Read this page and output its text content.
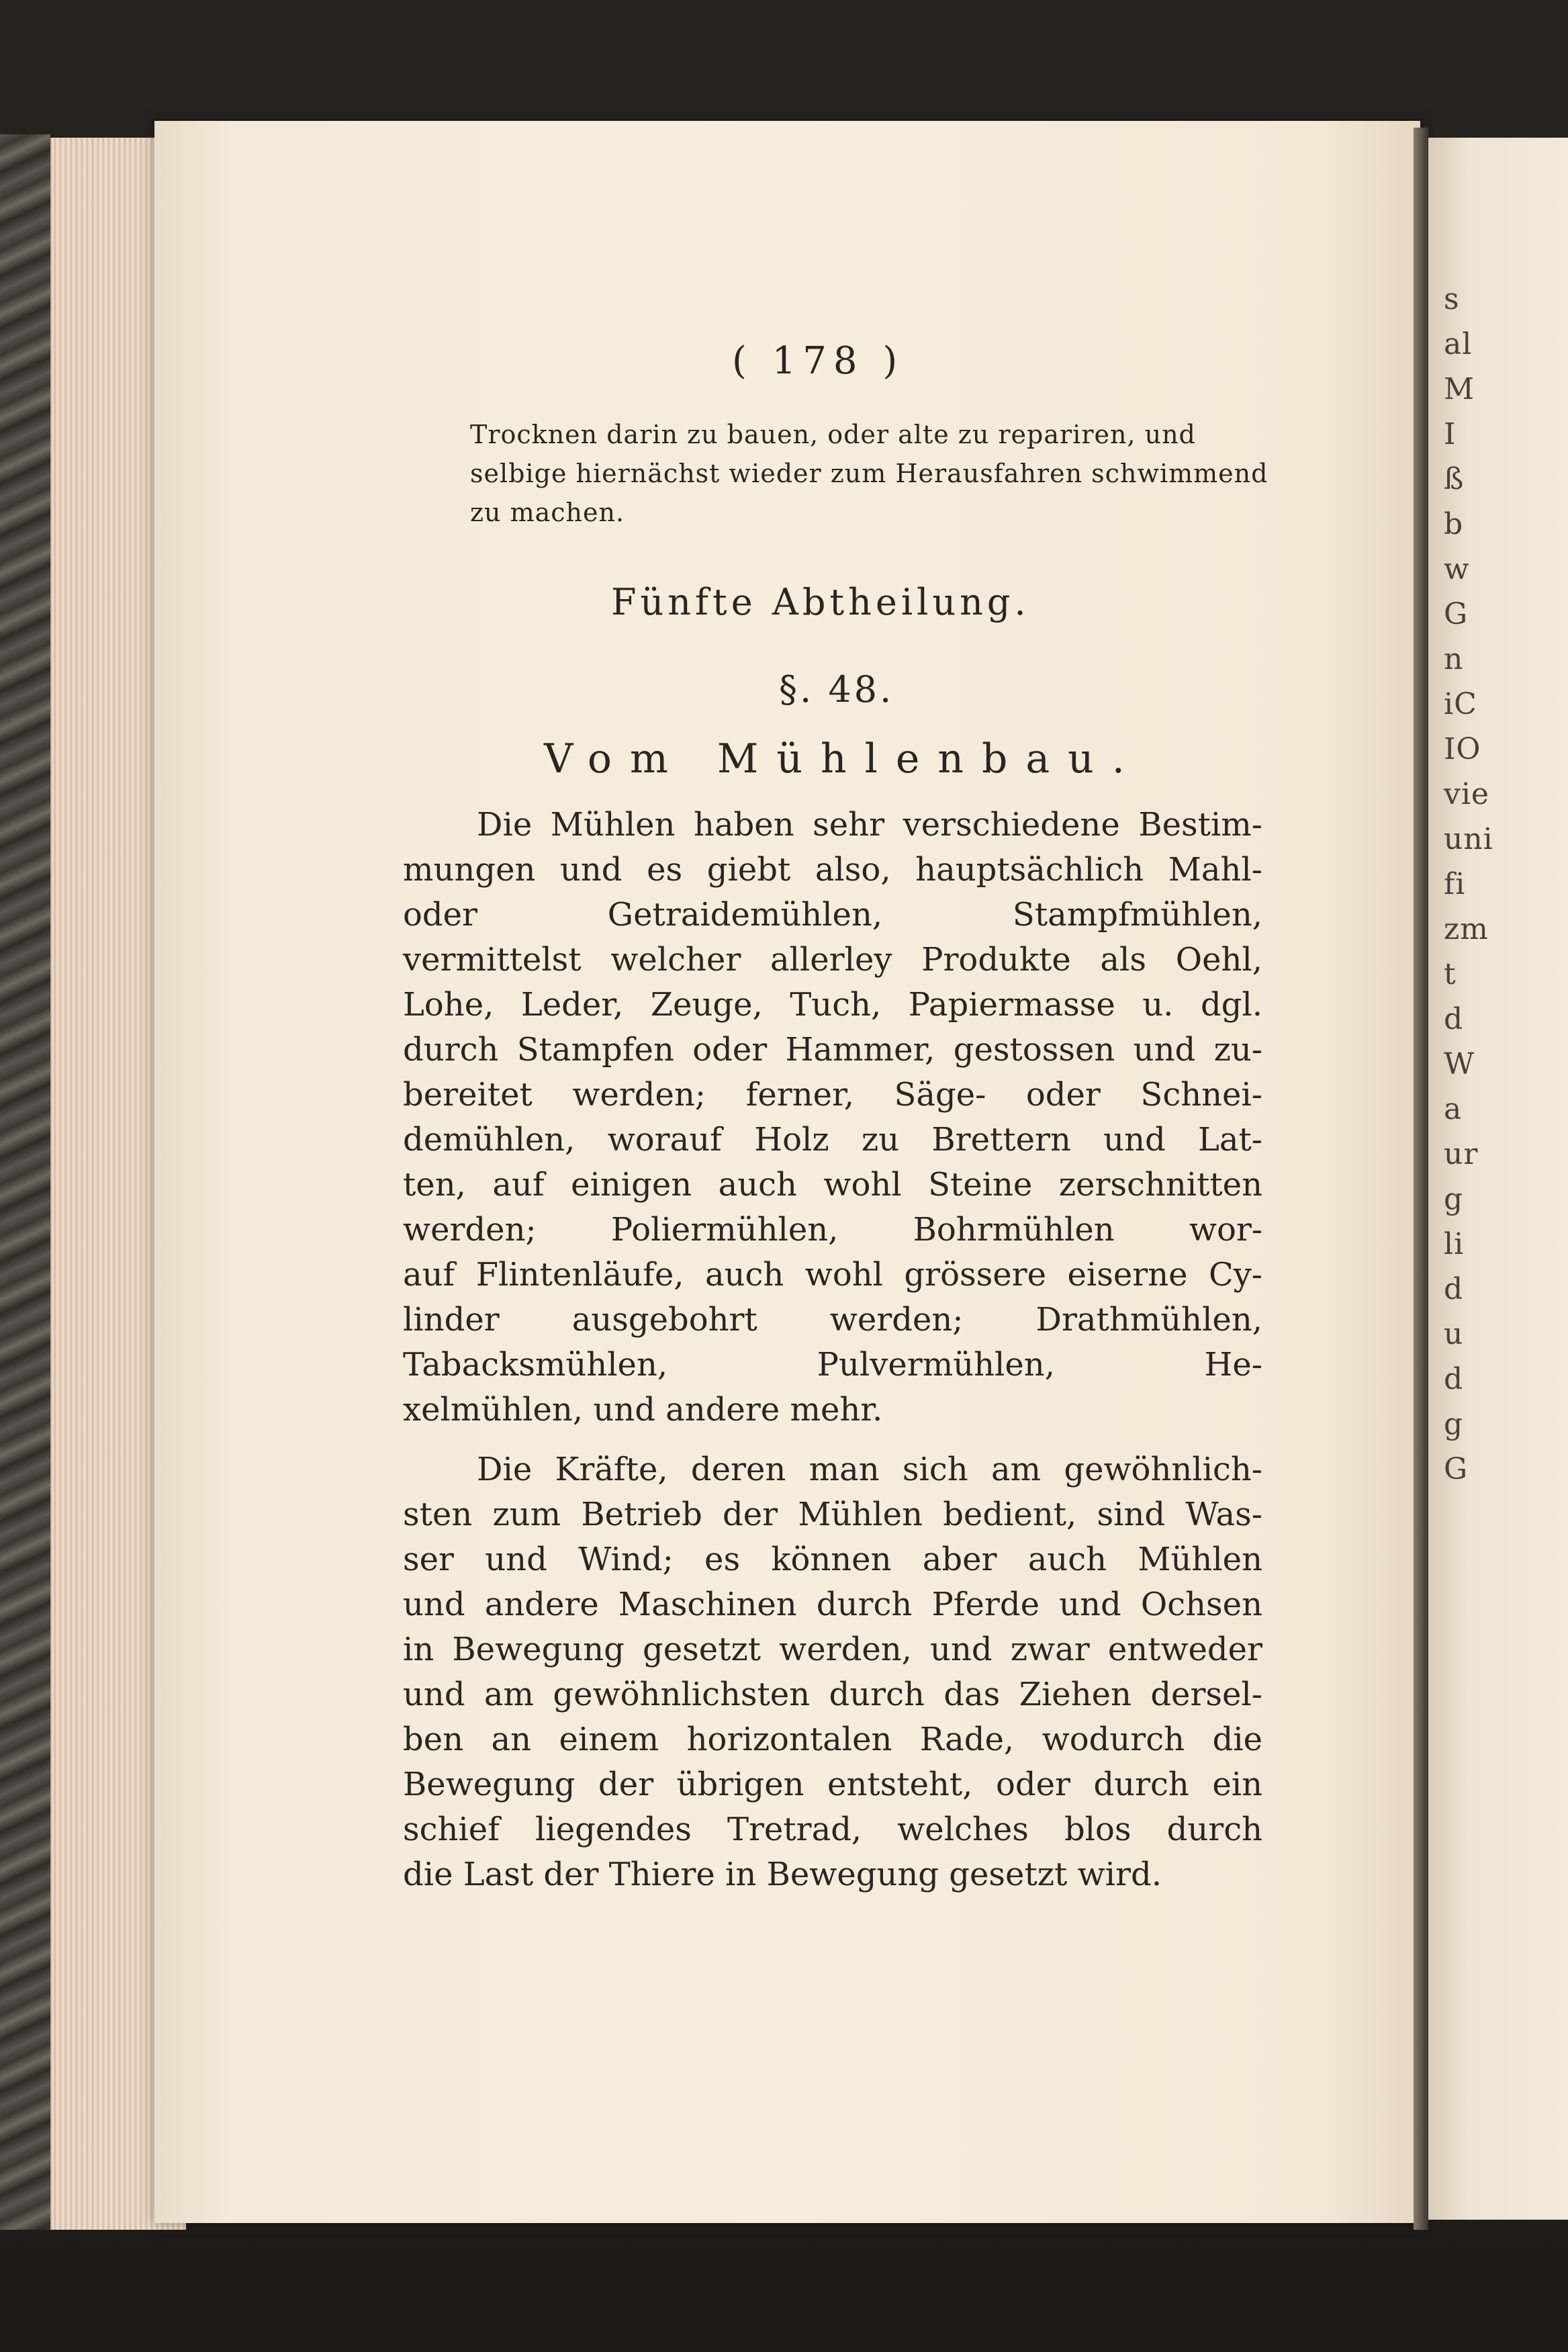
s
al
M
I
ß
b
w
G
n
iC
IO
vie
uni
fi
zm
t
d
W
a
ur
g
li
d
u
d
g
G
( 178 )
Trocknen darin zu bauen, oder alte zu repariren, und
selbige hiernächst wieder zum Herausfahren schwimmend
zu machen.
Fünfte Abtheilung.
§. 48.
Vom Mühlenbau.
Die Mühlen haben sehr verschiedene Bestim-
mungen und es giebt also, hauptsächlich Mahl-
oder Getraidemühlen, Stampfmühlen,
vermittelst welcher allerley Produkte als Oehl,
Lohe, Leder, Zeuge, Tuch, Papiermasse u. dgl.
durch Stampfen oder Hammer, gestossen und zu-
bereitet werden; ferner, Säge- oder Schnei-
demühlen, worauf Holz zu Brettern und Lat-
ten, auf einigen auch wohl Steine zerschnitten
werden; Poliermühlen, Bohrmühlen wor-
auf Flintenläufe, auch wohl grössere eiserne Cy-
linder ausgebohrt werden; Drathmühlen,
Tabacksmühlen, Pulvermühlen, He-
xelmühlen, und andere mehr.
Die Kräfte, deren man sich am gewöhnlich-
sten zum Betrieb der Mühlen bedient, sind Was-
ser und Wind; es können aber auch Mühlen
und andere Maschinen durch Pferde und Ochsen
in Bewegung gesetzt werden, und zwar entweder
und am gewöhnlichsten durch das Ziehen dersel-
ben an einem horizontalen Rade, wodurch die
Bewegung der übrigen entsteht, oder durch ein
schief liegendes Tretrad, welches blos durch
die Last der Thiere in Bewegung gesetzt wird.
